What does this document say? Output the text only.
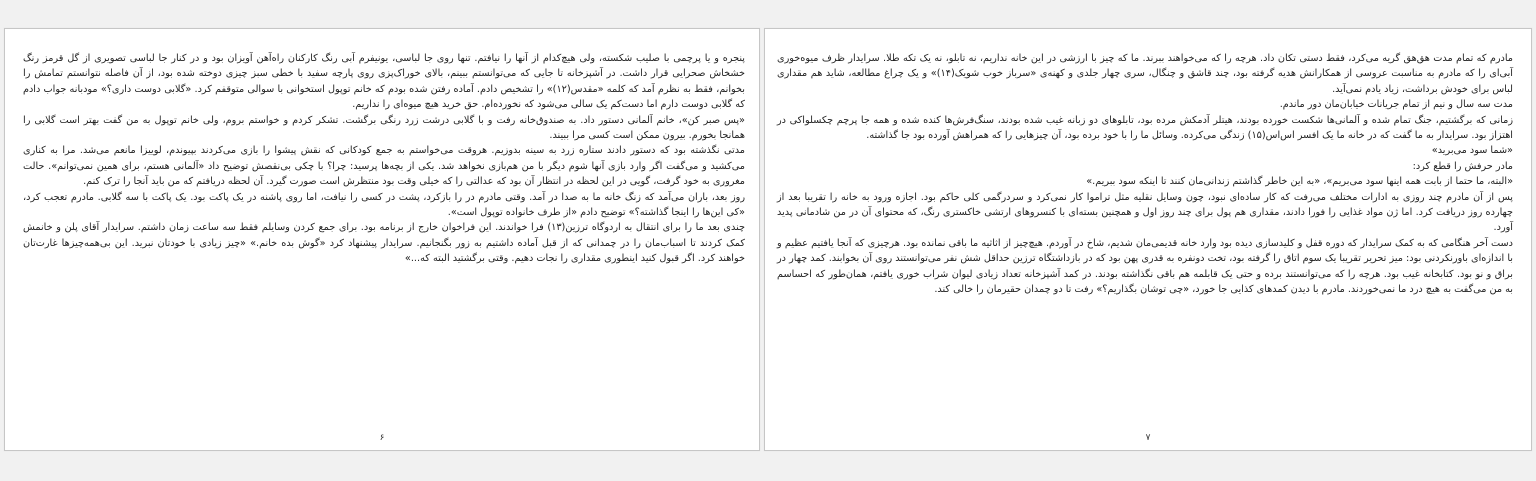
پنجره و یا پرچمی با صلیب شکسته، ولی هیچ‌کدام از آنها را نیافتم. تنها روی جا لباسی، یونیفرم آبی رنگ کارکنان راه‌آهن آویزان بود و در کنار جا لباسی تصویری از گل قرمز رنگ خشخاش صحرایی قرار داشت. در آشپزخانه تا جایی که می‌توانستم ببینم، بالای خوراک‌پزی روی پارچه سفید با خطی سبز چیزی دوخته شده بود، از آن فاصله نتوانستم تمامش را بخوانم، فقط به نظرم آمد که کلمه «مقدس(۱۲)» را تشخیص دادم. آماده رفتن شده بودم که خانم توپول استخوانی با سوالی متوقفم کرد. «گلابی دوست داری؟» مودبانه جواب دادم که گلابی دوست دارم اما دست‌کم یک سالی می‌شود که نخورده‌ام. حق خرید هیچ میوه‌ای را نداریم.

«پس صبر کن»، خانم آلمانی دستور داد. به صندوق‌خانه رفت و با گلابی درشت زرد رنگی برگشت. تشکر کردم و خواستم بروم، ولی خانم توپول به من گفت بهتر است گلابی را همانجا بخورم. بیرون ممکن است کسی مرا ببیند.

مدتی نگذشته بود که دستور دادند ستاره زرد به سینه بدوزیم. هروقت می‌خواستم به جمع کودکانی که نقش پیشوا را بازی می‌کردند بپیوندم، لوییزا مانعم می‌شد. مرا به کناری می‌کشید و می‌گفت اگر وارد بازی آنها شوم دیگر با من هم‌بازی نخواهد شد. یکی از بچه‌ها پرسید: چرا؟ با چکی بی‌نقصش توضیح داد «آلمانی هستم، برای همین نمی‌توانم». حالت مغروری به خود گرفت، گویی در این لحظه در انتظار آن بود که عدالتی را که خیلی وقت بود منتظرش است صورت گیرد. آن لحظه دریافتم که من باید آنجا را ترک کنم.

روز بعد، باران می‌آمد که زنگ خانه ما به صدا در آمد. وقتی مادرم در را بازکرد، پشت در کسی را نیافت، اما روی پاشنه در یک پاکت بود. یک پاکت با سه گلابی. مادرم تعجب کرد، «کی این‌ها را اینجا گذاشته؟» توضیح دادم «از طرف خانواده توپول است».

چندی بعد ما را برای انتقال به اردوگاه ترزین(۱۳) فرا خواندند. این فراخوان خارج از برنامه بود. برای جمع کردن وسایلم فقط سه ساعت زمان داشتم. سرایدار آقای پلن و خانمش کمک کردند تا اسباب‌مان را در چمدانی که از قبل آماده داشتیم به زور بگنجانیم. سرایدار پیشنهاد کرد «گوش بده خانم.» «چیز زیادی با خودتان نبرید. این بی‌همه‌چیزها غارت‌تان خواهند کرد. اگر قبول کنید اینطوری مقداری را نجات دهیم. وقتی برگشتید البته که...»

۶

مادرم که تمام مدت هق‌هق گریه می‌کرد، فقط دستی تکان داد. هرچه را که می‌خواهند ببرند. ما که چیز با ارزشی در این خانه نداریم، نه تابلو، نه یک تکه طلا. سرایدار ظرف میوه‌خوری آبی‌ای را که مادرم به مناسبت عروسی از همکارانش هدیه گرفته بود، چند قاشق و چنگال، سری چهار جلدی و کهنه‌ی «سرباز خوب شویک(۱۴)» و یک چراغ مطالعه، شاید هم مقداری لباس برای خودش برداشت، زیاد یادم نمی‌آید.

مدت سه سال و نیم از تمام جریانات خیابان‌مان دور ماندم.

زمانی که برگشتیم، جنگ تمام شده و آلمانی‌ها شکست خورده بودند، هیتلر آدمکش مرده بود، تابلوهای دو زبانه غیب شده بودند، سنگ‌فرش‌ها کنده شده و همه جا پرچم چکسلواکی در اهتزاز بود. سرایدار به ما گفت که در خانه ما یک افسر اس‌اس(۱۵) زندگی می‌کرده. وسائل ما را با خود برده بود، آن چیزهایی را که همراهش آورده بود جا گذاشته.

«شما سود می‌برید»

مادر حرفش را قطع کرد:

«البته، ما حتما از بابت همه اینها سود می‌بریم»، «به این خاطر گذاشتم زندانی‌مان کنند تا اینکه سود ببریم.»

پس از آن مادرم چند روزی به ادارات مختلف می‌رفت که کار ساده‌ای نبود، چون وسایل نقلیه مثل تراموا کار نمی‌کرد و سردرگمی کلی حاکم بود. اجازه ورود به خانه را تقریبا بعد از چهارده روز دریافت کرد. اما ژن مواد غذایی را فورا دادند، مقداری هم پول برای چند روز اول و همچنین بسته‌ای با کنسروهای ارتشی خاکستری رنگ، که محتوای آن در من شادمانی پدید آورد.

دست آخر هنگامی که به کمک سرایدار که دوره قفل و کلیدسازی دیده بود وارد خانه قدیمی‌مان شدیم، شاخ در آوردم. هیچ‌چیز از اثاثیه ما باقی نمانده بود. هرچیزی که آنجا یافتیم عظیم و با اندازه‌ای باورنکردنی بود: میز تحریر تقریبا یک سوم اتاق را گرفته بود، تخت دونفره به قدری پهن بود که در بازداشتگاه ترزین حداقل شش نفر می‌توانستند روی آن بخوابند. کمد چهار در براق و نو بود. کتابخانه غیب بود. هرچه را که می‌توانستند برده و حتی یک قابلمه هم باقی نگذاشته بودند. در کمد آشپزخانه تعداد زیادی لیوان شراب خوری یافتم، همان‌طور که احساسم به من می‌گفت به هیچ درد ما نمی‌خوردند. مادرم با دیدن کمدهای کذایی جا خورد، «چی توشان بگذاریم؟» رفت تا دو چمدان حقیرمان را خالی کند.

۷
